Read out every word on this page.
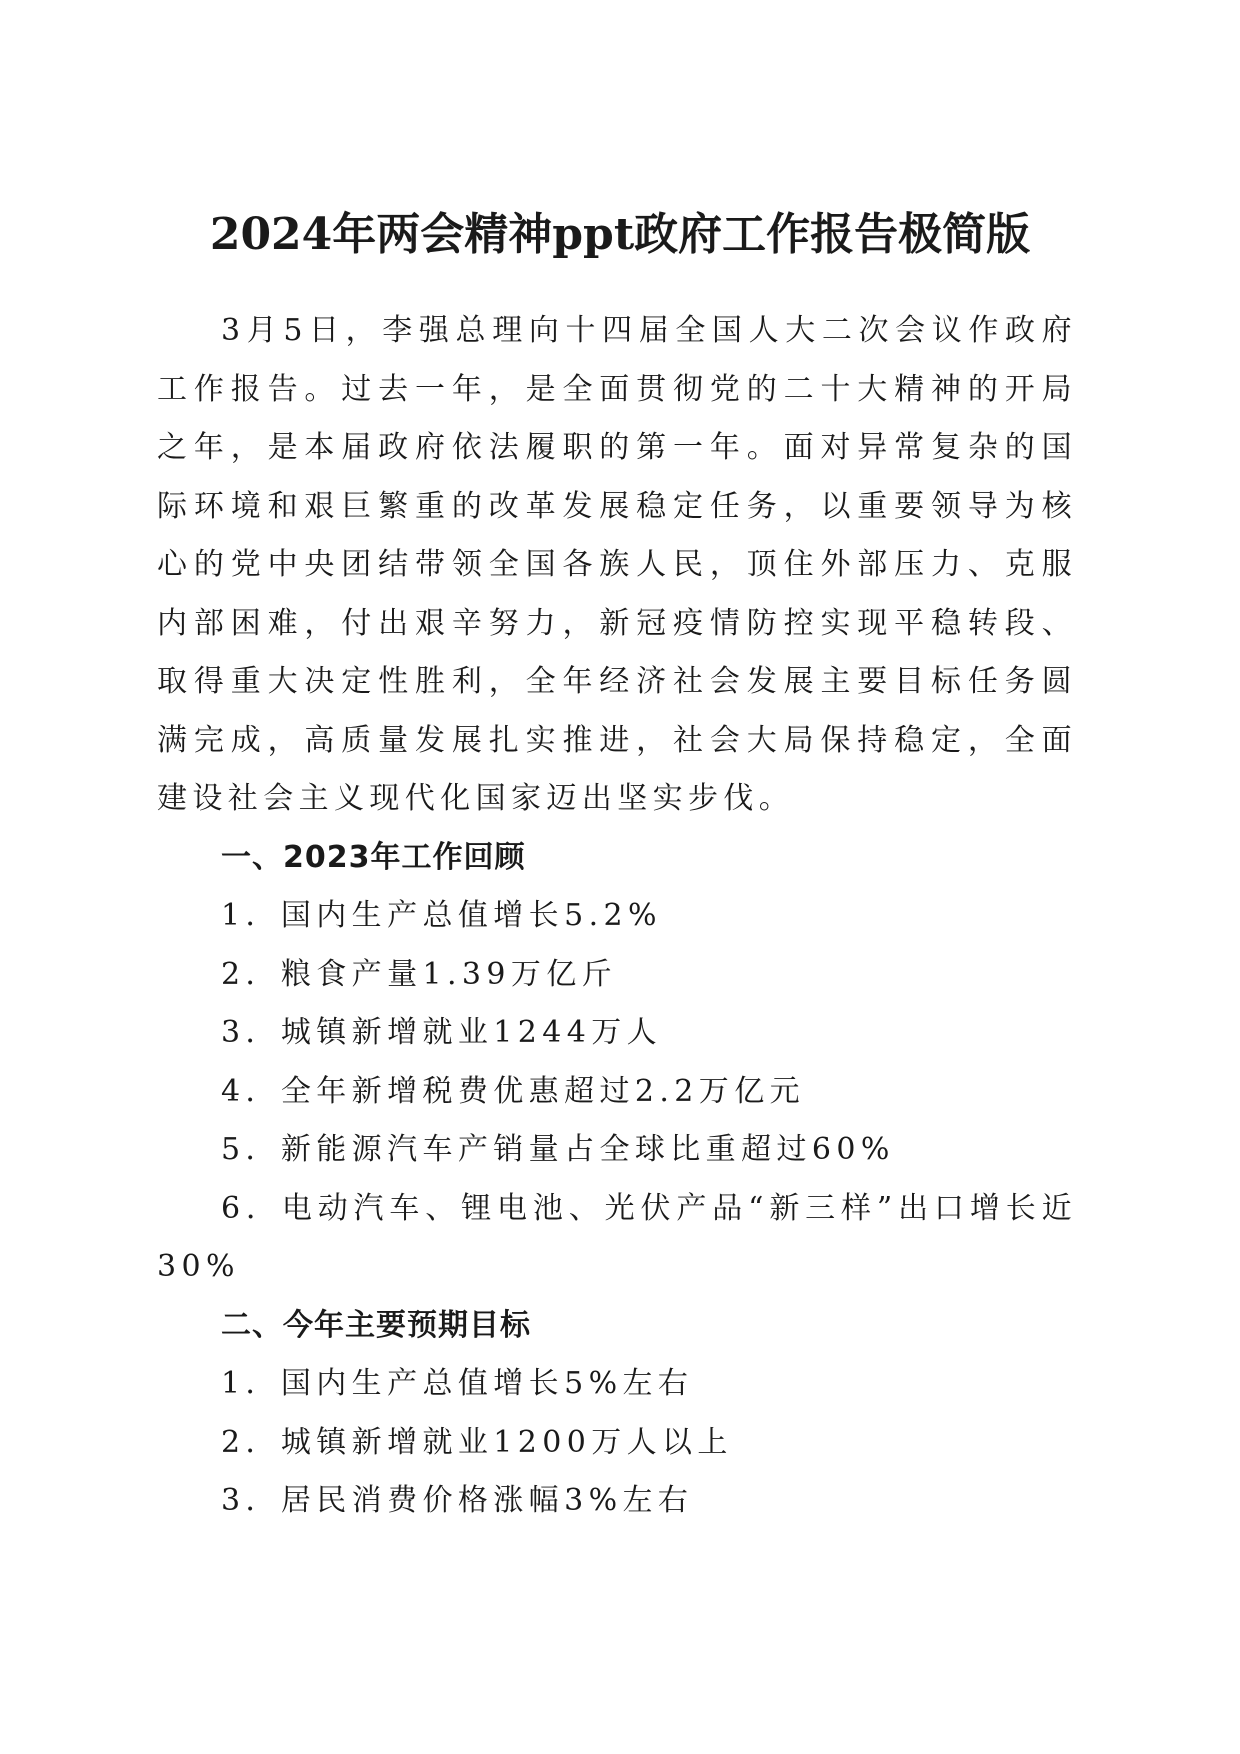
2024年两会精神ppt政府工作报告极简版

3月5日，李强总理向十四届全国人大二次会议作政府工作报告。过去一年，是全面贯彻党的二十大精神的开局之年，是本届政府依法履职的第一年。面对异常复杂的国际环境和艰巨繁重的改革发展稳定任务，以重要领导为核心的党中央团结带领全国各族人民，顶住外部压力、克服内部困难，付出艰辛努力，新冠疫情防控实现平稳转段、取得重大决定性胜利，全年经济社会发展主要目标任务圆满完成，高质量发展扎实推进，社会大局保持稳定，全面建设社会主义现代化国家迈出坚实步伐。

一、2023年工作回顾

1．国内生产总值增长5.2%

2．粮食产量1.39万亿斤

3．城镇新增就业1244万人

4．全年新增税费优惠超过2.2万亿元

5．新能源汽车产销量占全球比重超过60%

6．电动汽车、锂电池、光伏产品“新三样”出口增长近30%

二、今年主要预期目标

1．国内生产总值增长5%左右

2．城镇新增就业1200万人以上

3．居民消费价格涨幅3%左右
